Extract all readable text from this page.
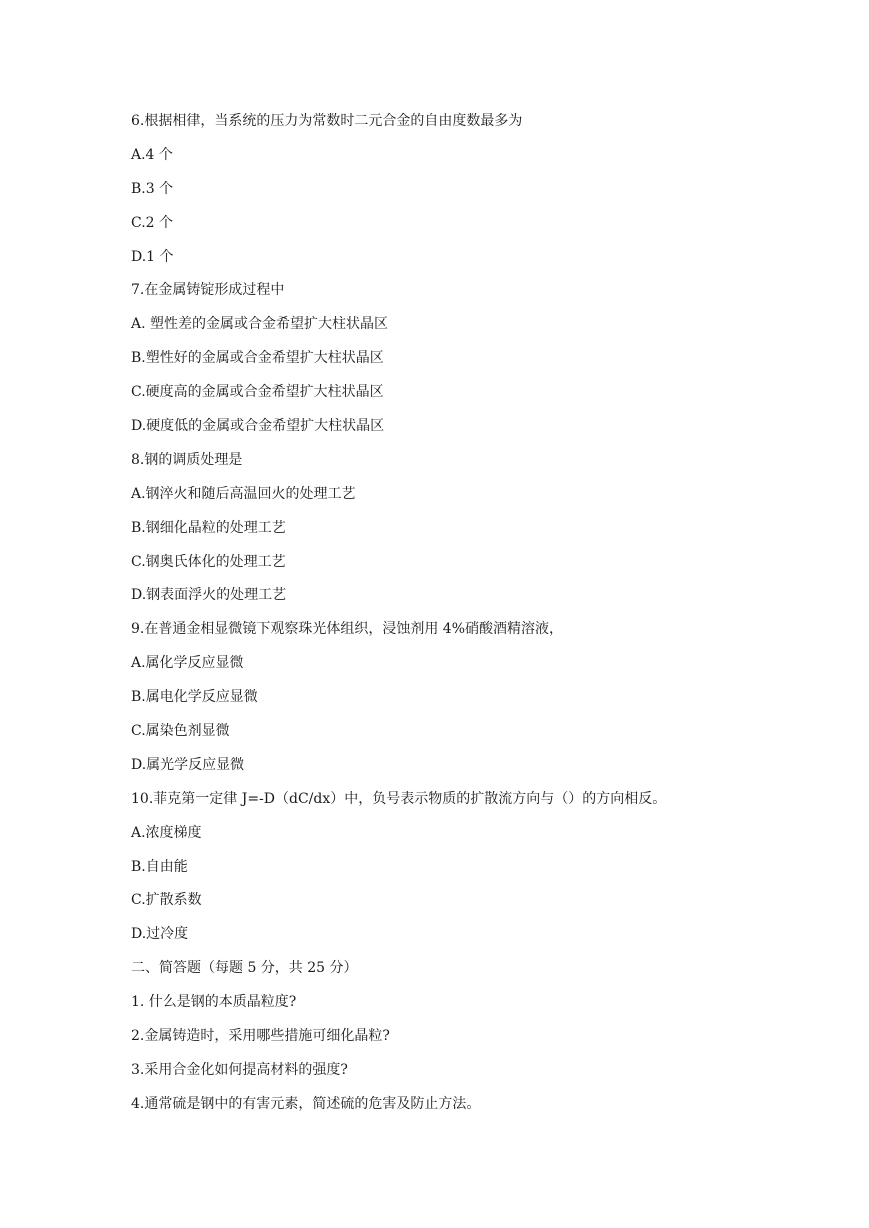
6.根据相律，当系统的压力为常数时二元合金的自由度数最多为
A.4 个
B.3 个
C.2 个
D.1 个
7.在金属铸锭形成过程中
A. 塑性差的金属或合金希望扩大柱状晶区
B.塑性好的金属或合金希望扩大柱状晶区
C.硬度高的金属或合金希望扩大柱状晶区
D.硬度低的金属或合金希望扩大柱状晶区
8.钢的调质处理是
A.钢淬火和随后高温回火的处理工艺
B.钢细化晶粒的处理工艺
C.钢奥氏体化的处理工艺
D.钢表面浮火的处理工艺
9.在普通金相显微镜下观察珠光体组织，浸蚀剂用 4%硝酸酒精溶液，
A.属化学反应显微
B.属电化学反应显微
C.属染色剂显微
D.属光学反应显微
10.菲克第一定律 J=-D（dC/dx）中，负号表示物质的扩散流方向与（）的方向相反。
A.浓度梯度
B.自由能
C.扩散系数
D.过冷度
二、简答题（每题 5 分，共 25 分）
1. 什么是钢的本质晶粒度?
2.金属铸造时，采用哪些措施可细化晶粒?
3.采用合金化如何提高材料的强度?
4.通常硫是钢中的有害元素，简述硫的危害及防止方法。
